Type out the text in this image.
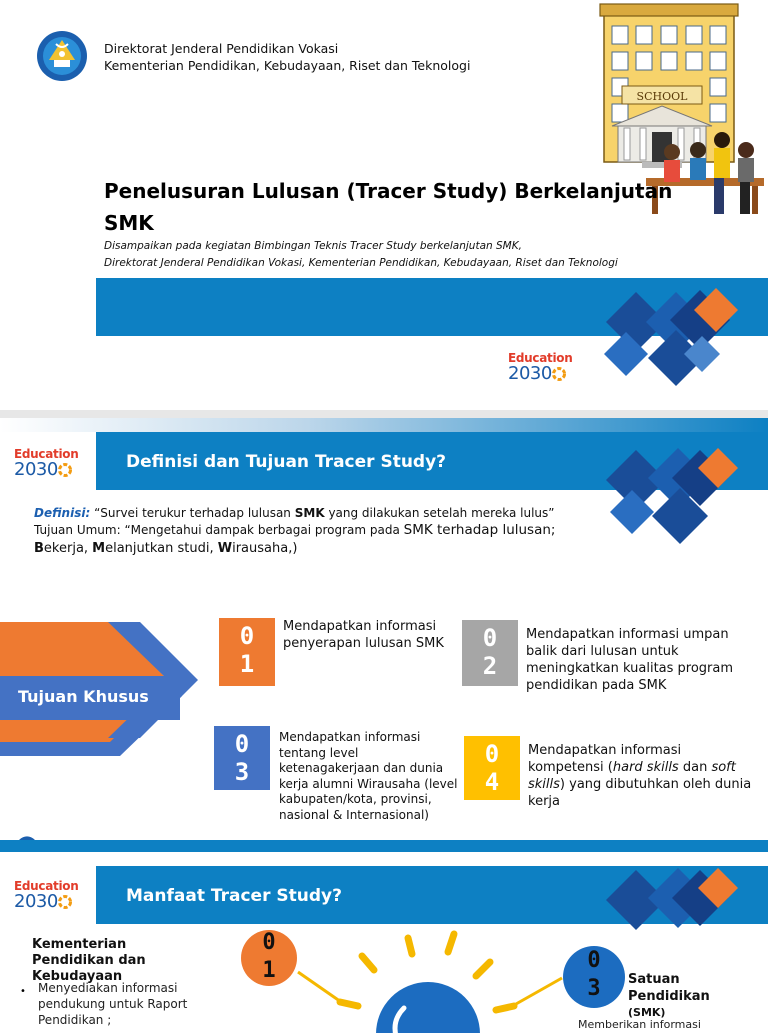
Direktorat Jenderal Pendidikan Vokasi
Kementerian Pendidikan, Kebudayaan, Riset dan Teknologi
SCHOOL
Penelusuran Lulusan (Tracer Study) Berkelanjutan
SMK
Disampaikan pada kegiatan Bimbingan Teknis Tracer Study berkelanjutan SMK,
Direktorat Jenderal Pendidikan Vokasi, Kementerian Pendidikan, Kebudayaan, Riset dan Teknologi
Education
2030
Education
2030	Definisi dan Tujuan Tracer Study?
Definisi: “Survei terukur terhadap lulusan SMK yang dilakukan setelah mereka lulus”
Tujuan Umum: “Mengetahui dampak berbagai program pada SMK terhadap lulusan;
Bekerja, Melanjutkan studi, Wirausaha,)
Tujuan Khusus
0
1
0
2
0
3
0
4
Mendapatkan informasi penyerapan lulusan SMK
Mendapatkan informasi umpan balik dari lulusan untuk meningkatkan kualitas program pendidikan pada SMK
Mendapatkan informasi tentang level ketenagakerjaan dan dunia kerja alumni Wirausaha (level kabupaten/kota, provinsi, nasional & Internasional)
Mendapatkan informasi kompetensi (hard skills dan soft skills) yang dibutuhkan oleh dunia kerja
Education
2030	Manfaat Tracer Study?
Kementerian Pendidikan dan Kebudayaan
• Menyediakan informasi pendukung untuk Raport Pendidikan ;
0
1	0
3	Satuan
Pendidikan
(SMK)
Memberikan informasi
